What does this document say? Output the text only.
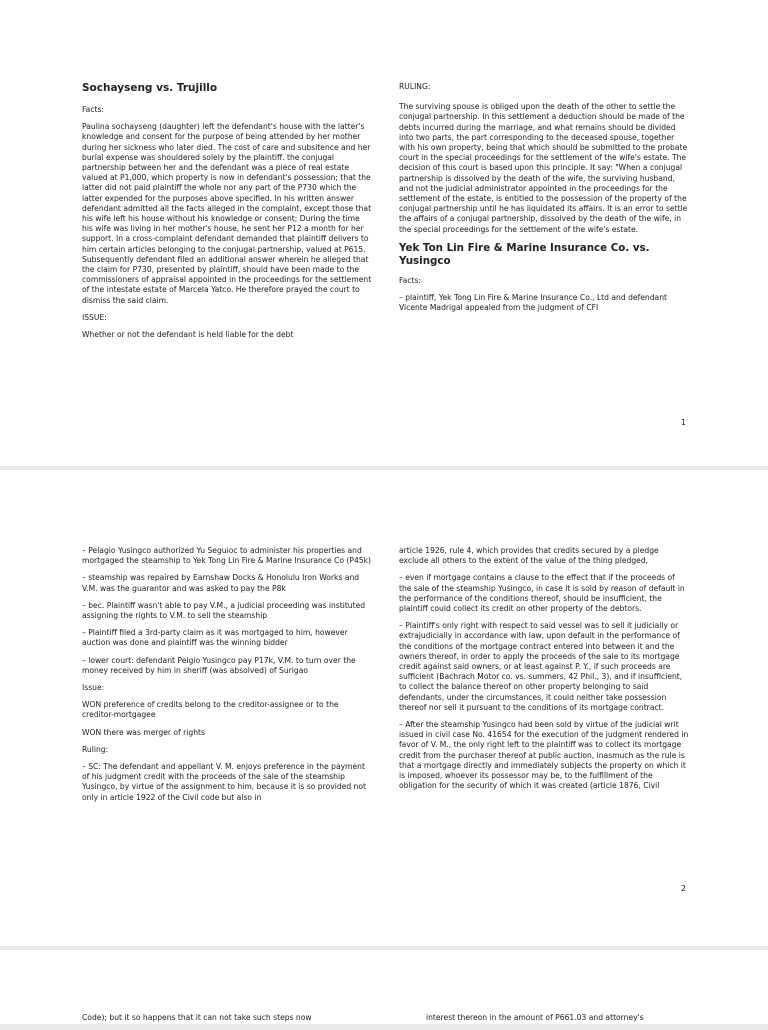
Sochayseng vs. Trujillo

Facts:

Paulina sochayseng (daughter) left the defendant's house with the latter's knowledge and consent for the purpose of being attended by her mother during her sickness who later died. The cost of care and subsitence and her burial expense was shouldered solely by the plaintiff. the conjugal partnership between her and the defendant was a piece of real estate valued at P1,000, which property is now in defendant's possession; that the latter did not paid plaintiff the whole nor any part of the P730 which the latter expended for the purposes above specified. In his written answer defendant admitted all the facts alleged in the complaint, except those that his wife left his house without his knowledge or consent; During the time his wife was living in her mother's house, he sent her P12 a month for her support. In a cross-complaint defendant demanded that plaintiff delivers to him certain articles belonging to the conjugal partnership, valued at P615. Subsequently defendant filed an additional answer wherein he alleged that the claim for P730, presented by plaintiff, should have been made to the commissioners of appraisal appointed in the proceedings for the settlement of the intestate estate of Marcela Yatco. He therefore prayed the court to dismiss the said claim.

ISSUE:

Whether or not the defendant is held liable for the debt

RULING:

The surviving spouse is obliged upon the death of the other to settle the conjugal partnership. In this settlement a deduction should be made of the debts incurred during the marriage, and what remains should be divided into two parts, the part corresponding to the deceased spouse, together with his own property, being that which should be submitted to the probate court in the special proceedings for the settlement of the wife's estate. The decision of this court is based upon this principle. It say: "When a conjugal partnership is dissolved by the death of the wife, the surviving husband, and not the judicial administrator appointed in the proceedings for the settlement of the estate, is entitled to the possession of the property of the conjugal partnership until he has liquidated its affairs. It is an error to settle the affairs of a conjugal partnership, dissolved by the death of the wife, in the special proceedings for the settlement of the wife's estate.

Yek Ton Lin Fire & Marine Insurance Co. vs. Yusingco

Facts:

– plaintiff, Yek Tong Lin Fire & Marine Insurance Co., Ltd and defendant Vicente Madrigal appealed from the judgment of CFI

1

– Pelagio Yusingco authorized Yu Seguioc to administer his properties and mortgaged the steamship to Yek Tong Lin Fire & Marine Insurance Co (P45k)

– steamship was repaired by Earnshaw Docks & Honolulu Iron Works and V.M. was the guarantor and was asked to pay the P8k

– bec. Plaintiff wasn't able to pay V.M., a judicial proceeding was instituted assigning the rights to V.M. to sell the steamship

– Plaintiff filed a 3rd-party claim as it was mortgaged to him, however auction was done and plaintiff was the winning bidder

– lower court: defendant Pelgio Yusingco pay P17k, V.M. to turn over the money received by him in sheriff (was absolved) of Surigao

Issue:

WON preference of credits belong to the creditor-assignee or to the creditor-mortgagee

WON there was merger of rights

Ruling:

– SC: The defendant and appellant V. M. enjoys preference in the payment of his judgment credit with the proceeds of the sale of the steamship Yusingco, by virtue of the assignment to him, because it is so provided not only in article 1922 of the Civil code but also in

article 1926, rule 4, which provides that credits secured by a pledge exclude all others to the extent of the value of the thing pledged,

– even if mortgage contains a clause to the effect that if the proceeds of the sale of the steamship Yusingco, in case it is sold by reason of default in the performance of the conditions thereof, should be insufficient, the plaintiff could collect its credit on other property of the debtors.

– Plaintiff's only right with respect to said vessel was to sell it judicially or extrajudicially in accordance with law, upon default in the performance of the conditions of the mortgage contract entered into between it and the owners thereof, in order to apply the proceeds of the sale to its mortgage credit against said owners, or at least against P. Y., if such proceeds are sufficient (Bachrach Motor co. vs. summers, 42 Phil., 3), and if insufficient, to collect the balance thereof on other property belonging to said defendants, under the circumstances, it could neither take possession thereof nor sell it pursuant to the conditions of its mortgage contract.

– After the steamship Yusingco had been sold by virtue of the judicial writ issued in civil case No. 41654 for the execution of the judgment rendered in favor of V. M., the only right left to the plaintiff was to collect its mortgage credit from the purchaser thereof at public auction, inasmuch as the rule is that a mortgage directly and immediately subjects the property on which it is imposed, whoever its possessor may be, to the fulfillment of the obligation for the security of which it was created (article 1876, Civil

2

Code); but it so happens that it can not take such steps now	interest thereon in the amount of P661.03 and attorney's
